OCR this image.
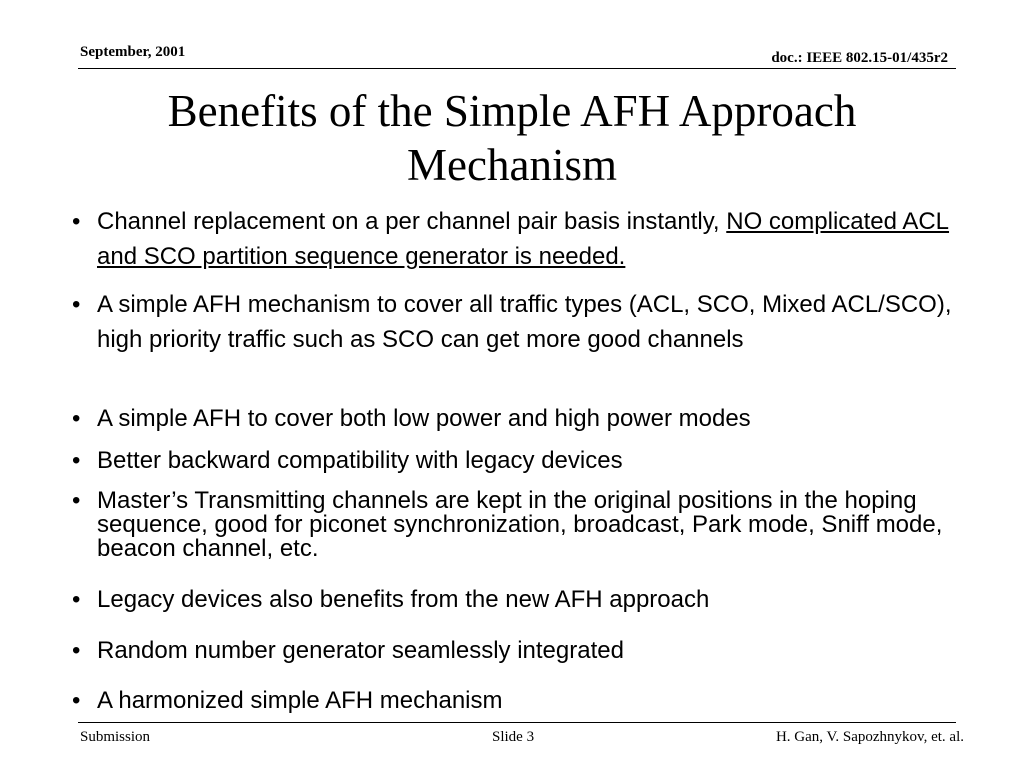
September, 2001	doc.: IEEE 802.15-01/435r2
Benefits of the Simple AFH Approach
Mechanism
• Channel replacement on a per channel pair basis instantly, NO complicated ACL and SCO partition sequence generator is needed.
• A simple AFH mechanism to cover all traffic types (ACL, SCO, Mixed ACL/SCO), high priority traffic such as SCO can get more good channels
• A simple AFH to cover both low power and high power modes
• Better backward compatibility with legacy devices
• Master’s Transmitting channels are kept in the original positions in the hoping sequence, good for piconet synchronization, broadcast, Park mode, Sniff mode, beacon channel, etc.
• Legacy devices also benefits from the new AFH approach
• Random number generator seamlessly integrated
• A harmonized simple AFH mechanism
Submission	Slide 3	H. Gan, V. Sapozhnykov, et. al.
